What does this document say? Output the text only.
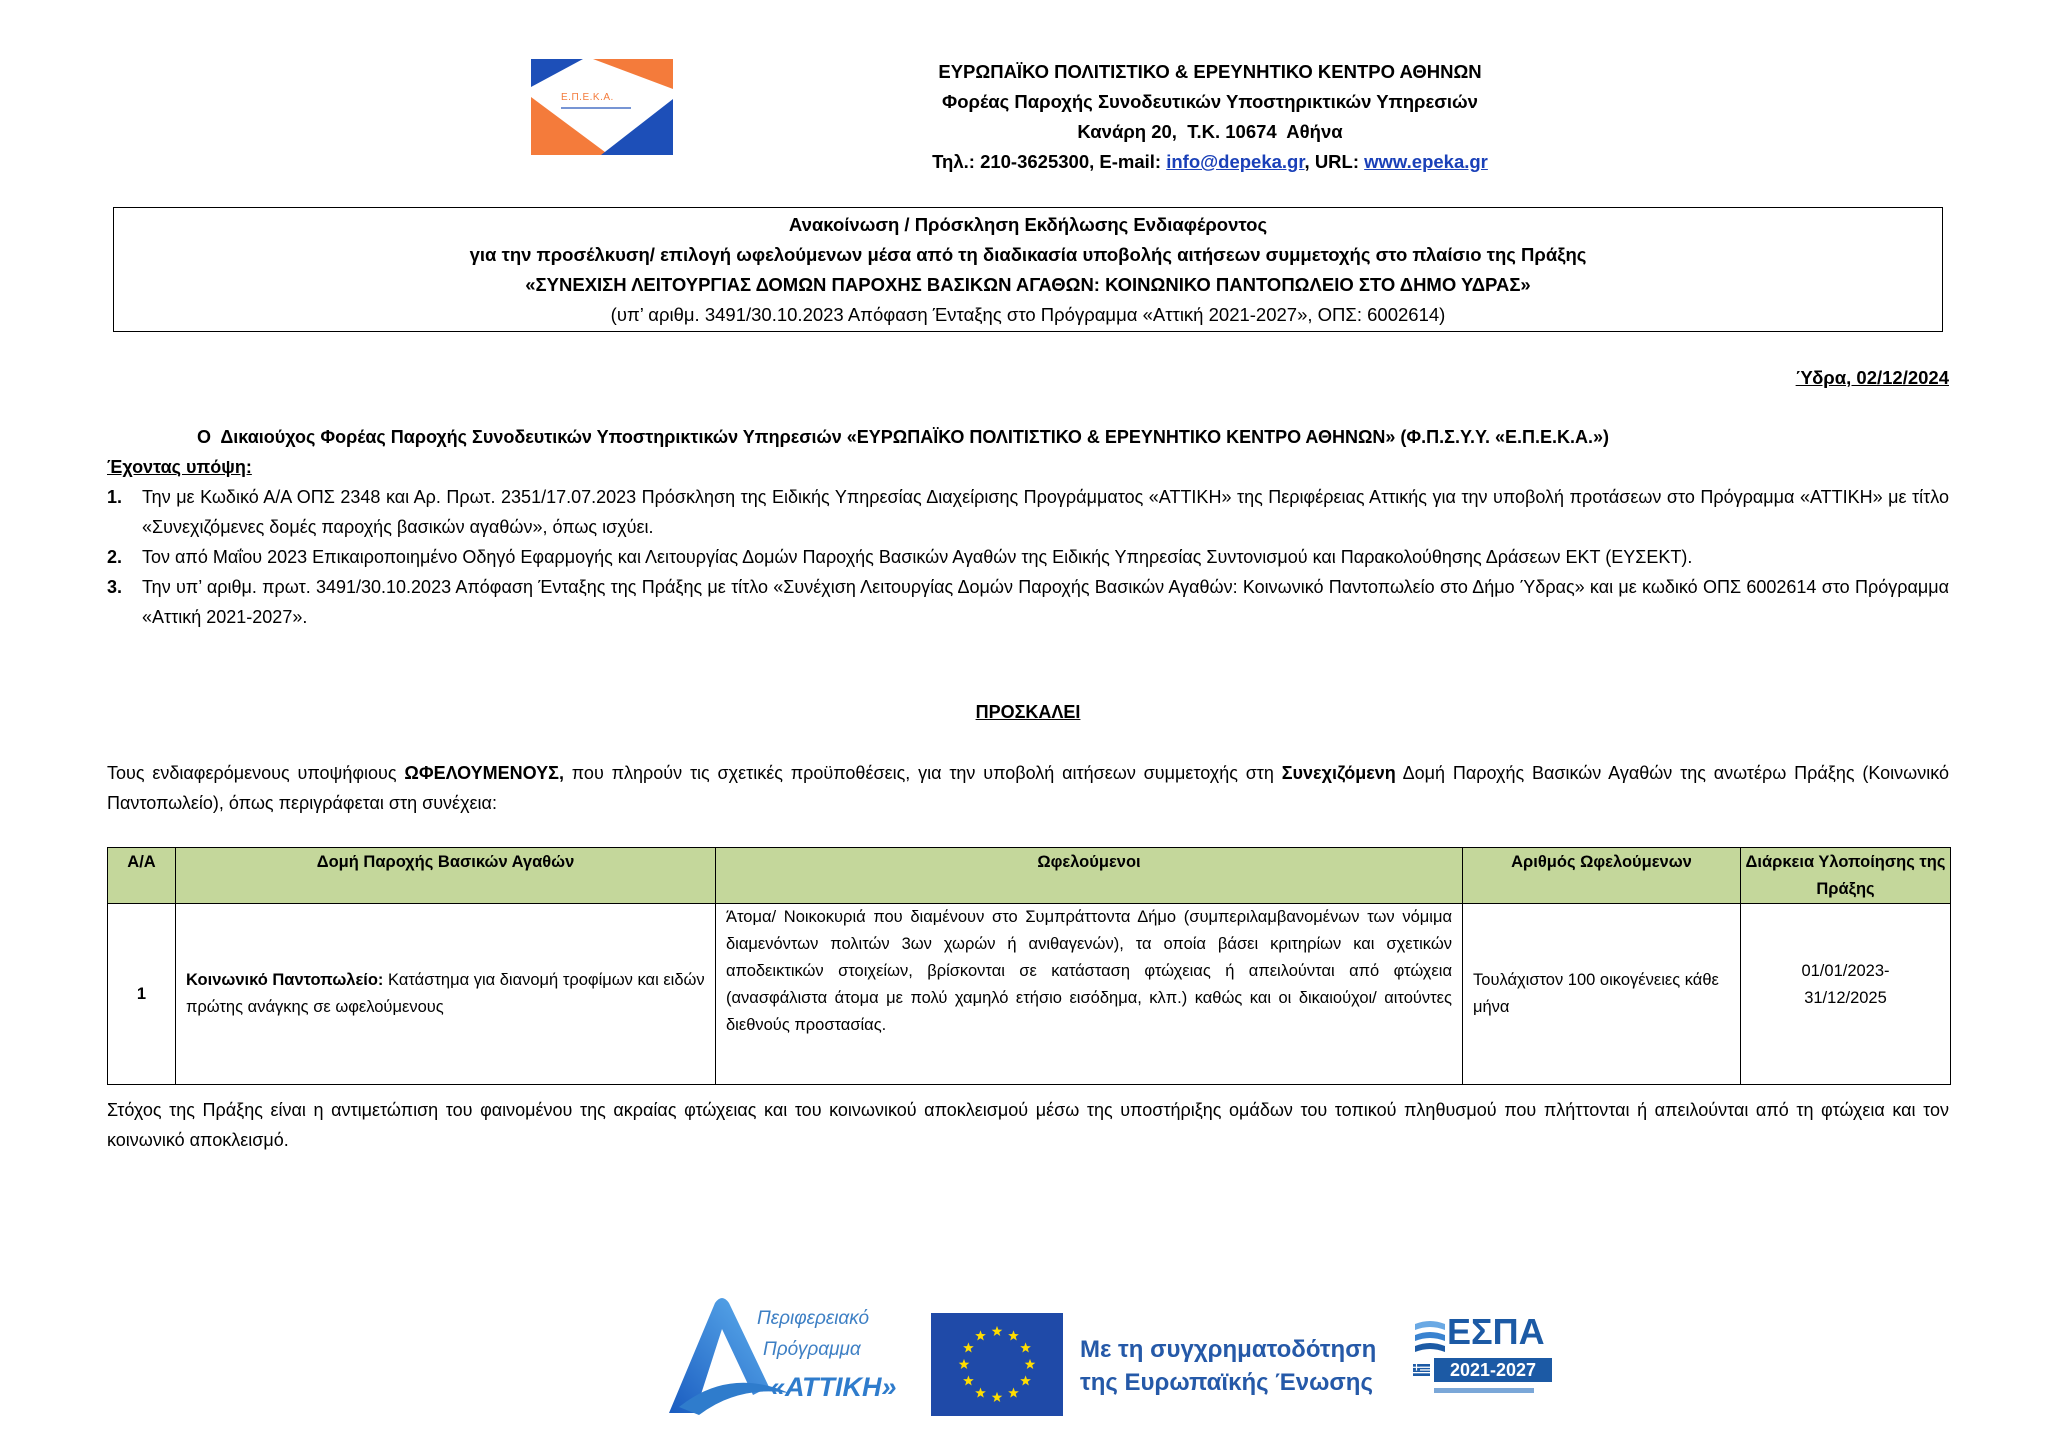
Ε.Π.Ε.Κ.Α.
ΕΥΡΩΠΑΪΚΟ ΠΟΛΙΤΙΣΤΙΚΟ & ΕΡΕΥΝΗΤΙΚΟ ΚΕΝΤΡΟ ΑΘΗΝΩΝ
Φορέας Παροχής Συνοδευτικών Υποστηρικτικών Υπηρεσιών
Κανάρη 20,  Τ.Κ. 10674  Αθήνα
Τηλ.: 210-3625300, E-mail: info@depeka.gr, URL: www.epeka.gr
Ανακοίνωση / Πρόσκληση Εκδήλωσης Ενδιαφέροντος
για την προσέλκυση/ επιλογή ωφελούμενων μέσα από τη διαδικασία υποβολής αιτήσεων συμμετοχής στο πλαίσιο της Πράξης
«ΣΥΝΕΧΙΣΗ ΛΕΙΤΟΥΡΓΙΑΣ ΔΟΜΩΝ ΠΑΡΟΧΗΣ ΒΑΣΙΚΩΝ ΑΓΑΘΩΝ: ΚΟΙΝΩΝΙΚΟ ΠΑΝΤΟΠΩΛΕΙΟ ΣΤΟ ΔΗΜΟ ΥΔΡΑΣ»
(υπ’ αριθμ. 3491/30.10.2023 Απόφαση Ένταξης στο Πρόγραμμα «Αττική 2021-2027», ΟΠΣ: 6002614)
Ύδρα, 02/12/2024
Ο  Δικαιούχος Φορέας Παροχής Συνοδευτικών Υποστηρικτικών Υπηρεσιών «ΕΥΡΩΠΑΪΚΟ ΠΟΛΙΤΙΣΤΙΚΟ & ΕΡΕΥΝΗΤΙΚΟ ΚΕΝΤΡΟ ΑΘΗΝΩΝ» (Φ.Π.Σ.Υ.Υ. «Ε.Π.Ε.Κ.Α.»)
Έχοντας υπόψη:
1.	Την με Κωδικό Α/Α ΟΠΣ 2348 και Αρ. Πρωτ. 2351/17.07.2023 Πρόσκληση της Ειδικής Υπηρεσίας Διαχείρισης Προγράμματος «ΑΤΤΙΚΗ» της Περιφέρειας Αττικής για την υποβολή προτάσεων στο Πρόγραμμα «ΑΤΤΙΚΗ» με τίτλο «Συνεχιζόμενες δομές παροχής βασικών αγαθών», όπως ισχύει.
2.	Τον από Μαΐου 2023 Επικαιροποιημένο Οδηγό Εφαρμογής και Λειτουργίας Δομών Παροχής Βασικών Αγαθών της Ειδικής Υπηρεσίας Συντονισμού και Παρακολούθησης Δράσεων ΕΚΤ (ΕΥΣΕΚΤ).
3.	Την υπ’ αριθμ. πρωτ. 3491/30.10.2023 Απόφαση Ένταξης της Πράξης με τίτλο «Συνέχιση Λειτουργίας Δομών Παροχής Βασικών Αγαθών: Κοινωνικό Παντοπωλείο στο Δήμο Ύδρας» και με κωδικό ΟΠΣ 6002614 στο Πρόγραμμα «Αττική 2021-2027».
ΠΡΟΣΚΑΛΕΙ
Τους ενδιαφερόμενους υποψήφιους ΩΦΕΛΟΥΜΕΝΟΥΣ, που πληρούν τις σχετικές προϋποθέσεις, για την υποβολή αιτήσεων συμμετοχής στη Συνεχιζόμενη Δομή Παροχής Βασικών Αγαθών της ανωτέρω Πράξης (Κοινωνικό Παντοπωλείο), όπως περιγράφεται στη συνέχεια:
Α/Α	Δομή Παροχής Βασικών Αγαθών	Ωφελούμενοι	Αριθμός Ωφελούμενων	Διάρκεια Υλοποίησης της Πράξης
1	Κοινωνικό Παντοπωλείο: Κατάστημα για διανομή τροφίμων και ειδών πρώτης ανάγκης σε ωφελούμενους	Άτομα/ Νοικοκυριά που διαμένουν στο Συμπράττοντα Δήμο (συμπεριλαμβανομένων των νόμιμα διαμενόντων πολιτών 3ων χωρών ή ανιθαγενών), τα οποία βάσει κριτηρίων και σχετικών αποδεικτικών στοιχείων, βρίσκονται σε κατάσταση φτώχειας ή απειλούνται από φτώχεια (ανασφάλιστα άτομα με πολύ χαμηλό ετήσιο εισόδημα, κλπ.) καθώς και οι δικαιούχοι/ αιτούντες διεθνούς προστασίας.	Τουλάχιστον 100 οικογένειες κάθε μήνα	01/01/2023-
31/12/2025
Στόχος της Πράξης είναι η αντιμετώπιση του φαινομένου της ακραίας φτώχειας και του κοινωνικού αποκλεισμού μέσω της υποστήριξης ομάδων του τοπικού πληθυσμού που πλήττονται ή απειλούνται από τη φτώχεια και τον κοινωνικό αποκλεισμό.
Περιφερειακό
Πρόγραμμα
«ΑΤΤΙΚΗ»
Με τη συγχρηματοδότηση
της Ευρωπαϊκής Ένωσης
ΕΣΠΑ
2021-2027
